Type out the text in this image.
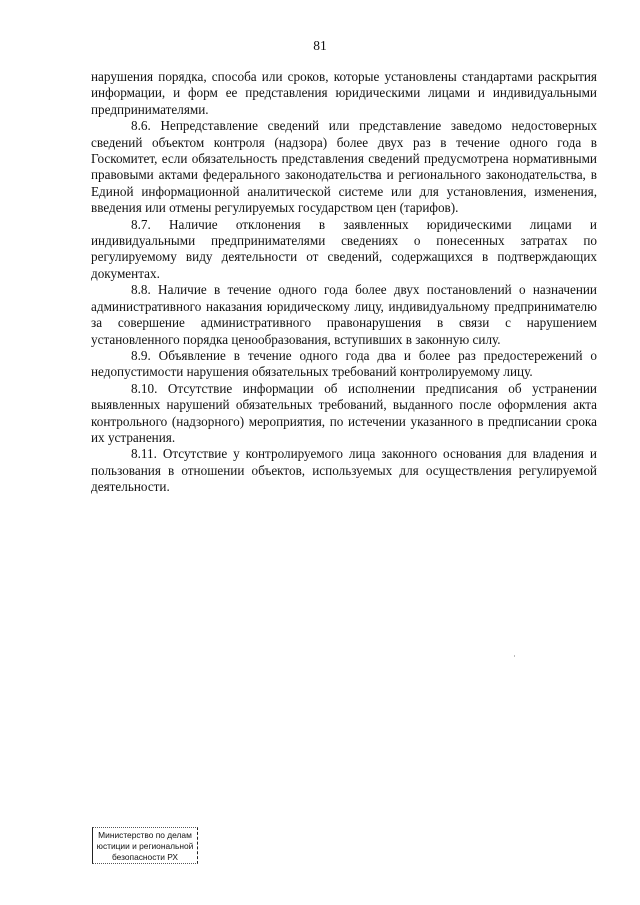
81

нарушения порядка, способа или сроков, которые установлены стандартами раскрытия информации, и форм ее представления юридическими лицами и индивидуальными предпринимателями.

8.6. Непредставление сведений или представление заведомо недостоверных сведений объектом контроля (надзора) более двух раз в течение одного года в Госкомитет, если обязательность представления сведений предусмотрена нормативными правовыми актами федерального законодательства и регионального законодательства, в Единой информационной аналитической системе или для установления, изменения, введения или отмены регулируемых государством цен (тарифов).

8.7. Наличие отклонения в заявленных юридическими лицами и индивидуальными предпринимателями сведениях о понесенных затратах по регулируемому виду деятельности от сведений, содержащихся в подтверждающих документах.

8.8. Наличие в течение одного года более двух постановлений о назначении административного наказания юридическому лицу, индивидуальному предпринимателю за совершение административного правонарушения в связи с нарушением установленного порядка ценообразования, вступивших в законную силу.

8.9. Объявление в течение одного года два и более раз предостережений о недопустимости нарушения обязательных требований контролируемому лицу.

8.10. Отсутствие информации об исполнении предписания об устранении выявленных нарушений обязательных требований, выданного после оформления акта контрольного (надзорного) мероприятия, по истечении указанного в предписании срока их устранения.

8.11. Отсутствие у контролируемого лица законного основания для владения и пользования в отношении объектов, используемых для осуществления регулируемой деятельности.

Министерство по делам
юстиции и региональной
безопасности РХ
